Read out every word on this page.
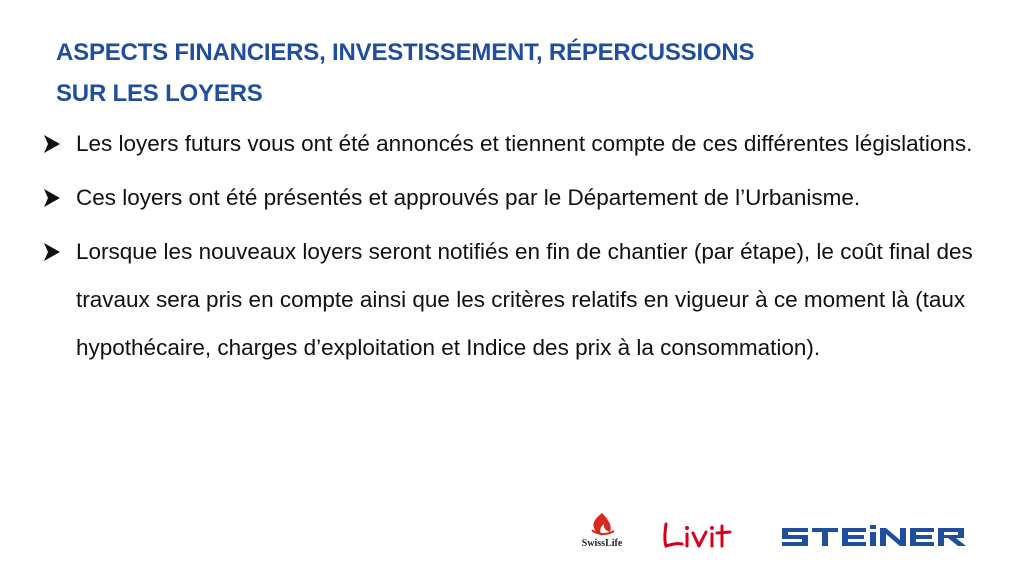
ASPECTS FINANCIERS, INVESTISSEMENT, RÉPERCUSSIONS
SUR LES LOYERS
Les loyers futurs vous ont été annoncés et tiennent compte de ces différentes législations.
Ces loyers ont été présentés et approuvés par le Département de l’Urbanisme.
Lorsque les nouveaux loyers seront notifiés en fin de chantier (par étape), le coût final des travaux sera pris en compte ainsi que les critères relatifs en vigueur à ce moment là (taux hypothécaire, charges d’exploitation et Indice des prix à la consommation).
SwissLife
